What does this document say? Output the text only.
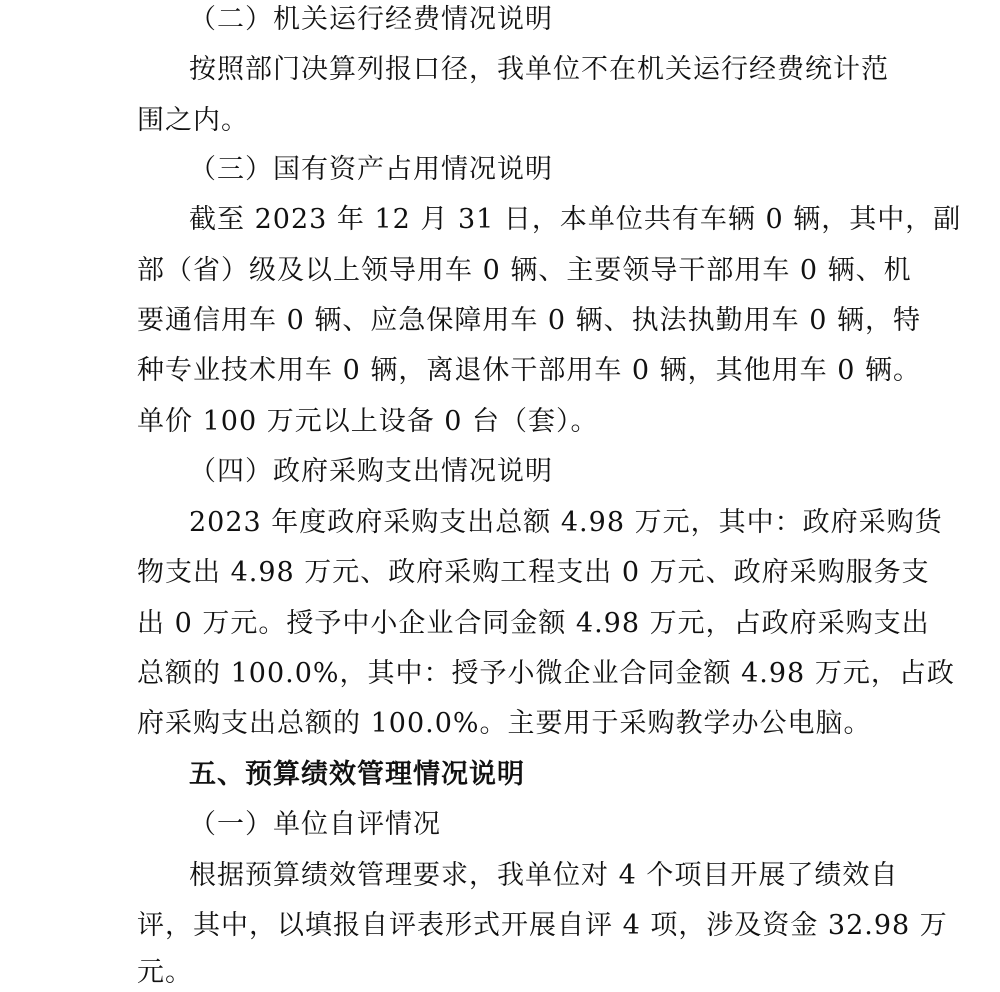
（二）机关运行经费情况说明
按照部门决算列报口径，我单位不在机关运行经费统计范
围之内。
（三）国有资产占用情况说明
截至 2023 年 12 月 31 日，本单位共有车辆 0 辆，其中，副
部（省）级及以上领导用车 0 辆、主要领导干部用车 0 辆、机
要通信用车 0 辆、应急保障用车 0 辆、执法执勤用车 0 辆，特
种专业技术用车 0 辆，离退休干部用车 0 辆，其他用车 0 辆。
单价 100 万元以上设备 0 台（套）。
（四）政府采购支出情况说明
2023 年度政府采购支出总额 4.98 万元，其中：政府采购货
物支出 4.98 万元、政府采购工程支出 0 万元、政府采购服务支
出 0 万元。授予中小企业合同金额 4.98 万元，占政府采购支出
总额的 100.0%，其中：授予小微企业合同金额 4.98 万元，占政
府采购支出总额的 100.0%。主要用于采购教学办公电脑。
五、预算绩效管理情况说明
（一）单位自评情况
根据预算绩效管理要求，我单位对 4 个项目开展了绩效自
评，其中，以填报自评表形式开展自评 4 项，涉及资金 32.98 万
元。
